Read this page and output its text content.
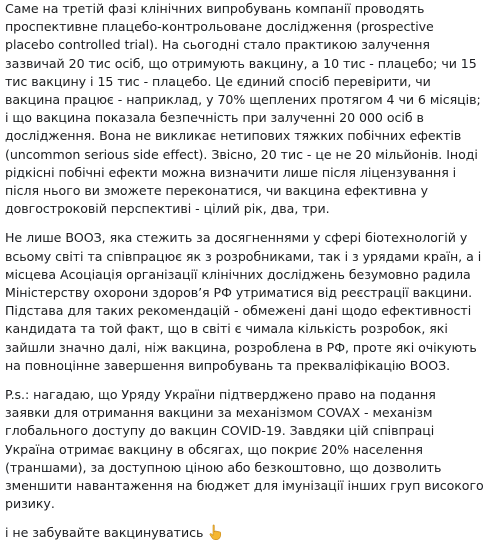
Саме на третій фазі клінічних випробувань компанії проводять проспективне плацебо-контрольоване дослідження (prospective placebo controlled trial). На сьогодні стало практикою залучення зазвичай 20 тис осіб, що отримують вакцину, а 10 тис - плацебо; чи 15 тис вакцину і 15 тис - плацебо. Це єдиний спосіб перевірити, чи вакцина працює - наприклад, у 70% щеплених протягом 4 чи 6 місяців; і що вакцина показала безпечність при залученні 20 000 осіб в дослідження. Вона не викликає нетипових тяжких побічних ефектів (uncommon serious side effect). Звісно, 20 тис - це не 20 мільйонів. Іноді рідкісні побічні ефекти можна визначити лише після ліцензування і після нього ви зможете переконатися, чи вакцина ефективна у довгостроковій перспективі - цілий рік, два, три.

Не лише ВООЗ, яка стежить за досягненнями у сфері біотехнологій у всьому світі та співпрацює як з розробниками, так і з урядами країн, а і місцева Асоціація організації клінічних досліджень безумовно радила Міністерству охорони здоров’я РФ утриматися від реєстрації вакцини. Підстава для таких рекомендацій - обмежені дані щодо ефективності кандидата та той факт, що в світі є чимала кількість розробок, які зайшли значно далі, ніж вакцина, розроблена в РФ, проте які очікують на повноцінне завершення випробувань та прекваліфікацію ВООЗ.

P.s.: нагадаю, що Уряду України підтверджено право на подання заявки для отримання вакцини за механізмом COVAX - механізм глобального доступу до вакцин COVID-19. Завдяки цій співпраці Україна отримає вакцину в обсягах, що покриє 20% населення (траншами), за доступною ціною або безкоштовно, що дозволить зменшити навантаження на бюджет для імунізації інших груп високого ризику.

і не забувайте вакцинуватись
